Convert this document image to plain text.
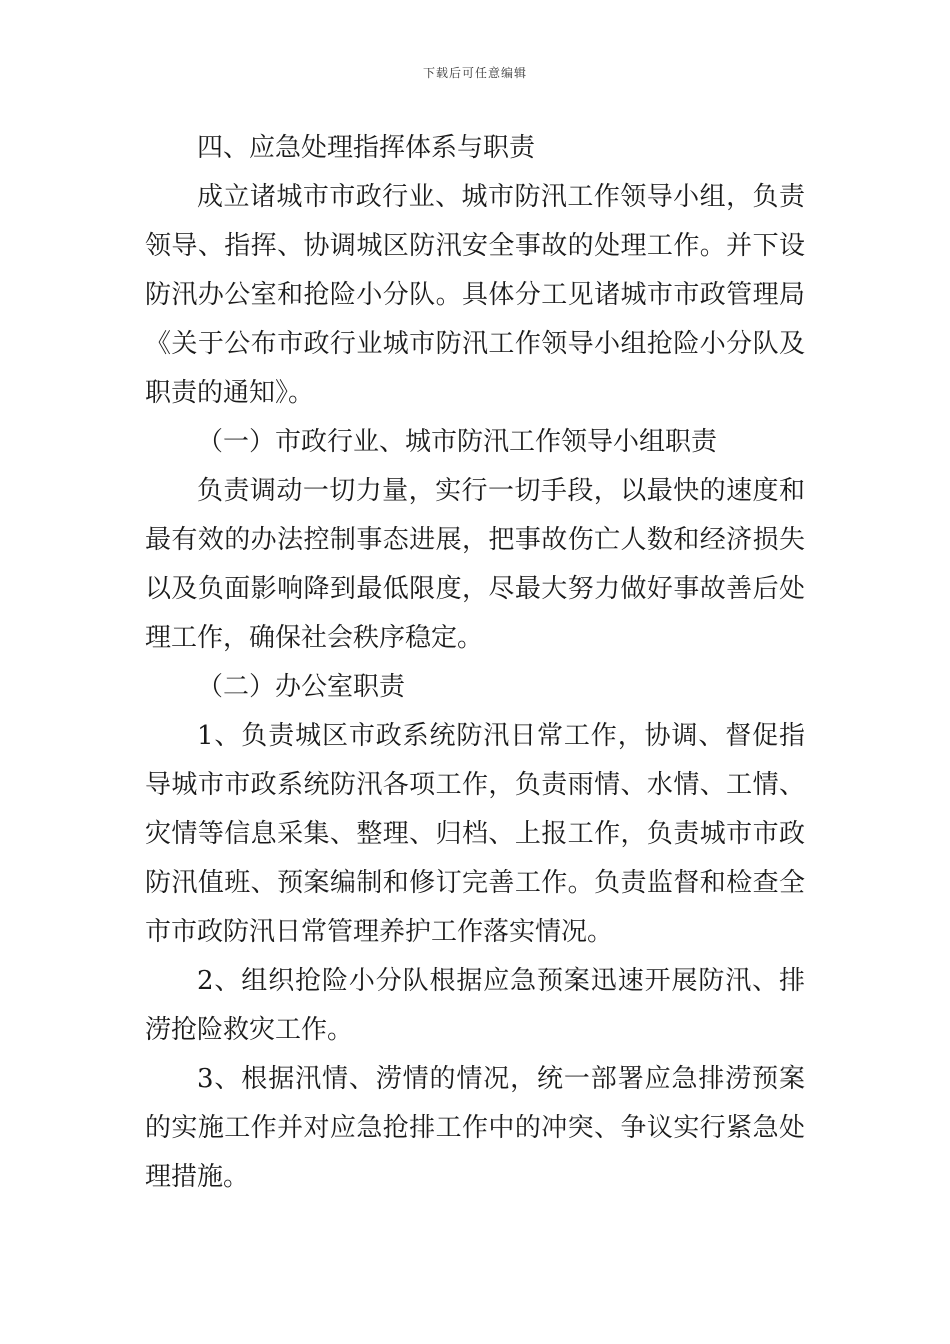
下载后可任意编辑

四、应急处理指挥体系与职责

成立诸城市市政行业、城市防汛工作领导小组，负责领导、指挥、协调城区防汛安全事故的处理工作。并下设防汛办公室和抢险小分队。具体分工见诸城市市政管理局《关于公布市政行业城市防汛工作领导小组抢险小分队及职责的通知》。

（一）市政行业、城市防汛工作领导小组职责

负责调动一切力量，实行一切手段，以最快的速度和最有效的办法控制事态进展，把事故伤亡人数和经济损失以及负面影响降到最低限度，尽最大努力做好事故善后处理工作，确保社会秩序稳定。

（二）办公室职责

1、负责城区市政系统防汛日常工作，协调、督促指导城市市政系统防汛各项工作，负责雨情、水情、工情、灾情等信息采集、整理、归档、上报工作，负责城市市政防汛值班、预案编制和修订完善工作。负责监督和检查全市市政防汛日常管理养护工作落实情况。

2、组织抢险小分队根据应急预案迅速开展防汛、排涝抢险救灾工作。

3、根据汛情、涝情的情况，统一部署应急排涝预案的实施工作并对应急抢排工作中的冲突、争议实行紧急处理措施。
